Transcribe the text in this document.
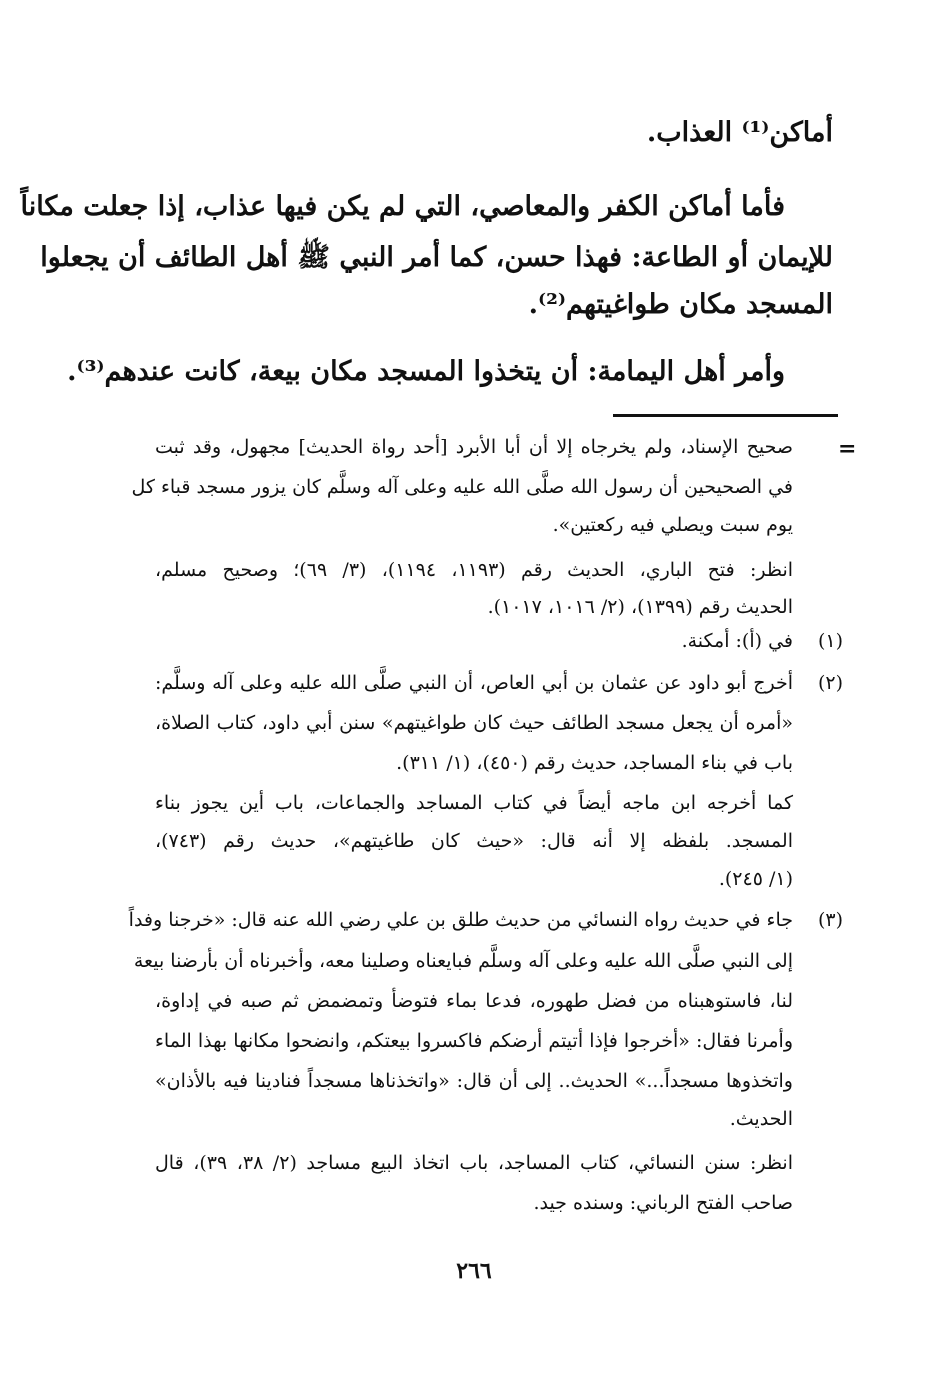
أماكن⁽¹⁾ العذاب.
فأما أماكن الكفر والمعاصي، التي لم يكن فيها عذاب، إذا جعلت مكاناً
للإيمان أو الطاعة: فهذا حسن، كما أمر النبي ﷺ أهل الطائف أن يجعلوا
المسجد مكان طواغيتهم⁽²⁾.
وأمر أهل اليمامة: أن يتخذوا المسجد مكان بيعة، كانت عندهم⁽³⁾.
=
صحيح الإسناد، ولم يخرجاه إلا أن أبا الأبرد [أحد رواة الحديث] مجهول، وقد ثبت
في الصحيحين أن رسول الله صلَّى الله عليه وعلى آله وسلَّم كان يزور مسجد قباء كل
يوم سبت ويصلي فيه ركعتين».
انظر: فتح الباري، الحديث رقم (١١٩٣، ١١٩٤)، (٣/ ٦٩)؛ وصحيح مسلم،
الحديث رقم (١٣٩٩)، (٢/ ١٠١٦، ١٠١٧).
(١)
في (أ): أمكنة.
(٢)
أخرج أبو داود عن عثمان بن أبي العاص، أن النبي صلَّى الله عليه وعلى آله وسلَّم:
«أمره أن يجعل مسجد الطائف حيث كان طواغيتهم» سنن أبي داود، كتاب الصلاة،
باب في بناء المساجد، حديث رقم (٤٥٠)، (١/ ٣١١).
كما أخرجه ابن ماجه أيضاً في كتاب المساجد والجماعات، باب أين يجوز بناء
المسجد. بلفظه إلا أنه قال: «حيث كان طاغيتهم»، حديث رقم (٧٤٣)،
(١/ ٢٤٥).
(٣)
جاء في حديث رواه النسائي من حديث طلق بن علي رضي الله عنه قال: «خرجنا وفداً
إلى النبي صلَّى الله عليه وعلى آله وسلَّم فبايعناه وصلينا معه، وأخبرناه أن بأرضنا بيعة
لنا، فاستوهبناه من فضل طهوره، فدعا بماء فتوضأ وتمضمض ثم صبه في إداوة،
وأمرنا فقال: «أخرجوا فإذا أتيتم أرضكم فاكسروا بيعتكم، وانضحوا مكانها بهذا الماء
واتخذوها مسجداً...» الحديث.. إلى أن قال: «واتخذناها مسجداً فنادينا فيه بالأذان»
الحديث.
انظر: سنن النسائي، كتاب المساجد، باب اتخاذ البيع مساجد (٢/ ٣٨، ٣٩)، قال
صاحب الفتح الرباني: وسنده جيد.
٢٦٦
